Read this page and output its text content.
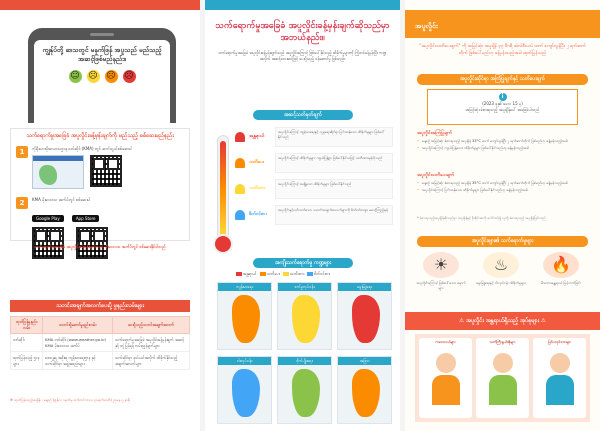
ကျွန်ုပ်တို့ ဒေသတွင် မနက်ဖြန် အပူသည် မည်သည့်အဆင့်ဖြစ်မည်နည်း။
☺ ☹ ☹ ☹
သက်ရောက်မှုအခြေခံ အပူလှိုင်းခန့်မှန်းချက်ကို မည်သည့် စစ်ဆေးမည်နည်း
1	ကိုရီးယားမိုးလေဝသဌာန ဝဘ်ဆိုဒ် (KMA) တွင် ဆက်သွယ်စစ်ဆေးပါ
2	KMA မိုးလေဝသ အက်ပ်တွင် စစ်ဆေးပါ
Google Play	App Store
သက်ရောက်မှုအခြေခံ အပူလှိုင်းခန့်မှန်းချက်သည် မိုးလေဝသ အက်ပ်တွင် စစ်ဆေးနိုင်ပါသည်
သတင်းအချက်အလက်ပေးပို့ မှုနည်းလမ်းများ
ထုတ်ပြန်မှုနည်းလမ်း	သတင်းပို့ဆောင်မှုနည်းလမ်း	ပေးပို့သည့်သတင်းအချက်အလက်
ဝဘ်ဆိုဒ်	KMA ဝဘ်ဆိုဒ် (www.weather.go.kr) KMA မိုးလေဝသ အက်ပ်	သက်ရောက်မှုအခြေခံ အပူလှိုင်းခန့်မှန်းချက် အဆင့် နှင့် တုံ့ပြန်ရန် လမ်းညွှန်ချက်များ
ထုတ်ပြန်သည့် ဌာနများ	ဒေသန္တရ အစိုးရ၊ ကျန်းမာရေးဌာန နှင့် သက်ဆိုင်ရာ အဖွဲ့အစည်းများ	သက်ဆိုင်ရာ နယ်ပယ်အလိုက် ထိခိုက်နိုင်သည့် အချက်အလက်များ
※ ထုတ်ပြန်သည့်အချိန် : နေ့စဉ် (ဇွန်လ ၁ရက်မှ စက်တင်ဘာလ ၃၀ရက်အထိ) ညနေ ၅ နာရီ
သက်ရောက်မှုအခြေခံ အပူလှိုင်းခန့်မှန်းချက်ဆိုသည်မှာ အဘယ်နည်း။
သက်ရောက်မှုအခြေခံ အပူလှိုင်းခန့်မှန်းချက်သည် အပူလှိုင်းကြောင့် ဖြစ်ပေါ်နိုင်သည့် ထိခိုက်မှုများကို ကြိုတင်ခန့်မှန်းပြီး ကဏ္ဍအလိုက် အဆင့်လေးဆင့်ဖြင့် ပေးပို့သည့် ဝန်ဆောင်မှု ဖြစ်သည်။
အဆင့်သတ်မှတ်ချက်
အန္တရာယ်
အပူလှိုင်းကြောင့် ကျန်းမာရေးနှင့် လူမှုရေးဆိုင်ရာ ပြင်းထန်သော ထိခိုက်မှုများ ဖြစ်ပေါ်နိုင်သည်
သတိပေး
အပူလှိုင်းကြောင့် ထိခိုက်မှုများ ကျယ်ပြန့်စွာ ဖြစ်ပေါ်နိုင်သဖြင့် သတိထားရန်လိုသည်
သတိထား
အပူလှိုင်းကြောင့် အချို့သော ထိခိုက်မှုများ ဖြစ်ပေါ်နိုင်သည်
စိတ်ဝင်စား
အပူလှိုင်းနှင့်ပတ်သက်သော သတင်းအချက်အလက်များကို စိတ်ဝင်စားစွာ စောင့်ကြည့်ရန်
အကျိုးသက်ရောက်မှု ကဏ္ဍများ
အန္တရာယ်	သတိပေး	သတိထား	စိတ်ဝင်စား
ကျန်းမာရေး	စက်မှုလုပ်ငန်း	မွေးမြူရေး
ငါးလုပ်ငန်း	စိုက်ပျိုးရေး	အခြား
အပူလှိုင်း
"အပူလှိုင်းသတိပေးချက်" ကို အမြင့်ဆုံး အပူချိန် ၃၃ ဒီဂရီ ဆဲလ်စီးယပ် ထက် ကျော်လွန်ပြီး ၂ ရက်ဆက်တိုက် ဖြစ်ပေါ်မည်ဟု ခန့်မှန်းသည့်အခါ ထုတ်ပြန်သည်
အပူလှိုင်းဆိုင်ရာ အကြံပြုချက်နှင့် သတိပေးချက်
i
(2023 ခုနှစ် မေလ 15 မှ)
အမြင့်ဆုံး ခံစားရသည့် အပူချိန်ပေါ် အခြေခံပါသည်
အပူလှိုင်းအကြံပြုချက်
• နေ့စဉ် အမြင့်ဆုံး ခံစားရသည့် အပူချိန် 33°C ထက် ကျော်လွန်ပြီး ၂ ရက်ဆက်တိုက် ဖြစ်မည်ဟု ခန့်မှန်းသည့်အခါ
• အပူလှိုင်းကြောင့် ကျယ်ပြန့်သော ထိခိုက်မှုများ ဖြစ်ပေါ်နိုင်သည်ဟု ခန့်မှန်းသည့်အခါ
အပူလှိုင်းသတိပေးချက်
• နေ့စဉ် အမြင့်ဆုံး ခံစားရသည့် အပူချိန် 35°C ထက် ကျော်လွန်ပြီး ၂ ရက်ဆက်တိုက် ဖြစ်မည်ဟု ခန့်မှန်းသည့်အခါ
• အပူလှိုင်းကြောင့် ပြင်းထန်သော ထိခိုက်မှုများ ဖြစ်ပေါ်နိုင်သည်ဟု ခန့်မှန်းသည့်အခါ
* ခံစားရသည့်အပူချိန်ဆိုသည်မှာ အပူချိန်နှင့် စိုထိုင်းဆကို ပေါင်းစပ်၍ လူတို့ ခံစားရသည့် အပူချိန်ဖြစ်သည်
အပူလှိုင်းများ၏ သက်ရောက်မှုများ
☀
အပူလှိုင်းကြောင့် ဖြစ်ပေါ်သော ရောဂါများ
♨
မွေးမြူရေးနှင့် ငါးလုပ်ငန်း ထိခိုက်မှုများ
🔥
မီးဘေးအန္တရာယ် မြင့်တက်ခြင်း
⚠ အပူလှိုင်း အန္တရာယ်ရှိသည့် အုပ်စုများ ⚠
ကလေးငယ်များ	သက်ကြီးရွယ်အိုများ	ပြင်ပလုပ်သားများ
